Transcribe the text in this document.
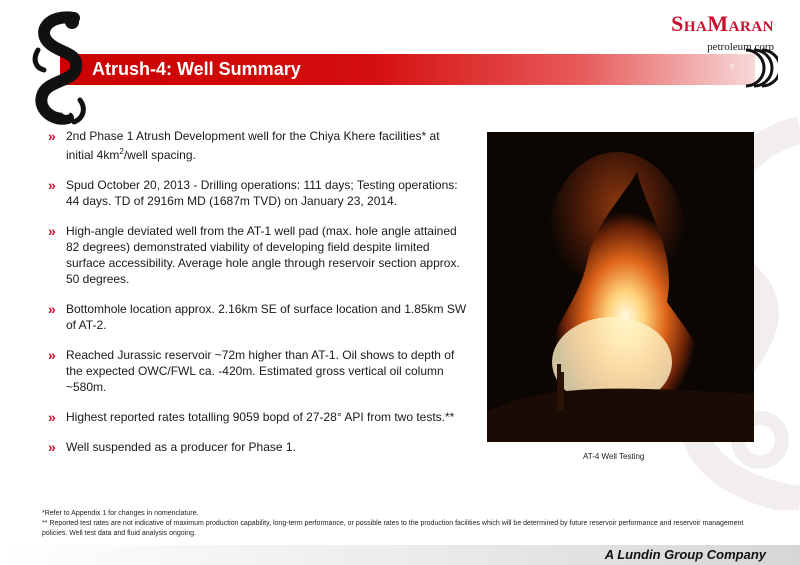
Atrush-4: Well Summary	5
SHAMARAN
petroleum corp
» 2nd Phase 1 Atrush Development well for the Chiya Khere facilities* at initial $4km^2$/well spacing.
» Spud October 20, 2013 - Drilling operations: 111 days; Testing operations: 44 days. TD of 2916m MD (1687m TVD) on January 23, 2014.
» High-angle deviated well from the AT-1 well pad (max. hole angle attained 82 degrees) demonstrated viability of developing field despite limited surface accessibility. Average hole angle through reservoir section approx. 50 degrees.
» Bottomhole location approx. 2.16km SE of surface location and 1.85km SW of AT-2.
» Reached Jurassic reservoir ~72m higher than AT-1. Oil shows to depth of the expected OWC/FWL ca. -420m. Estimated gross vertical oil column ~580m.
» Highest reported rates totalling 9059 bopd of 27-28° API from two tests.**
» Well suspended as a producer for Phase 1.
AT-4 Well Testing
*Refer to Appendix 1 for changes in nomenclature.
** Reported test rates are not indicative of maximum production capability, long-term performance, or possible rates to the production facilities which will be determined by future reservoir performance and reservoir management policies. Well test data and fluid analysis ongoing.
A Lundin Group Company
